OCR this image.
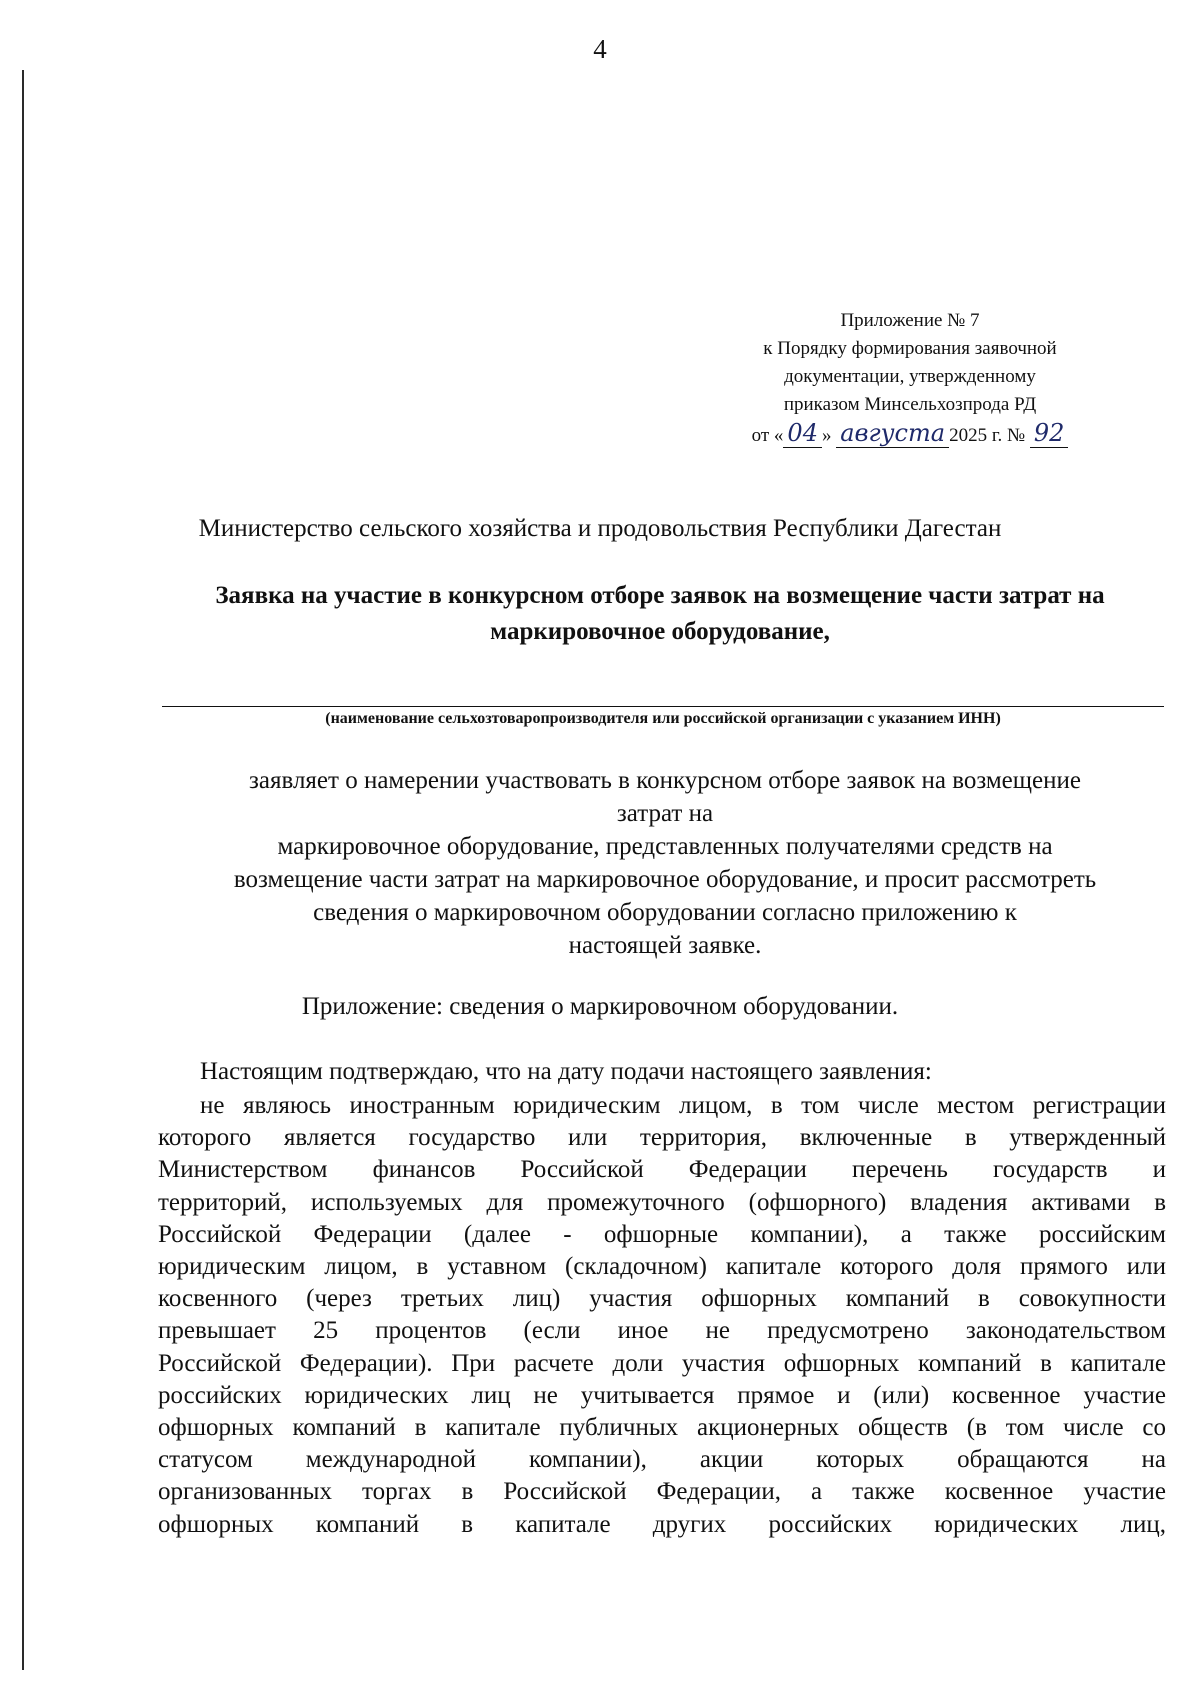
4
Приложение № 7
к Порядку формирования заявочной
документации, утвержденному
приказом Минсельхозпрода РД
от « 04 » августа 2025 г. № 92
Министерство сельского хозяйства и продовольствия Республики Дагестан
Заявка на участие в конкурсном отборе заявок на возмещение части затрат на
маркировочное оборудование,
(наименование сельхозтоваропроизводителя или российской организации с указанием ИНН)
заявляет о намерении участвовать в конкурсном отборе заявок на возмещение
затрат на
маркировочное оборудование, представленных получателями средств на
возмещение части затрат на маркировочное оборудование, и просит рассмотреть
сведения о маркировочном оборудовании согласно приложению к
настоящей заявке.
Приложение: сведения о маркировочном оборудовании.
Настоящим подтверждаю, что на дату подачи настоящего заявления:
не являюсь иностранным юридическим лицом, в том числе местом регистрации
которого является государство или территория, включенные в утвержденный
Министерством финансов Российской Федерации перечень государств и
территорий, используемых для промежуточного (офшорного) владения активами в
Российской Федерации (далее - офшорные компании), а также российским
юридическим лицом, в уставном (складочном) капитале которого доля прямого или
косвенного (через третьих лиц) участия офшорных компаний в совокупности
превышает 25 процентов (если иное не предусмотрено законодательством
Российской Федерации). При расчете доли участия офшорных компаний в капитале
российских юридических лиц не учитывается прямое и (или) косвенное участие
офшорных компаний в капитале публичных акционерных обществ (в том числе со
статусом международной компании), акции которых обращаются на
организованных торгах в Российской Федерации, а также косвенное участие
офшорных компаний в капитале других российских юридических лиц,
